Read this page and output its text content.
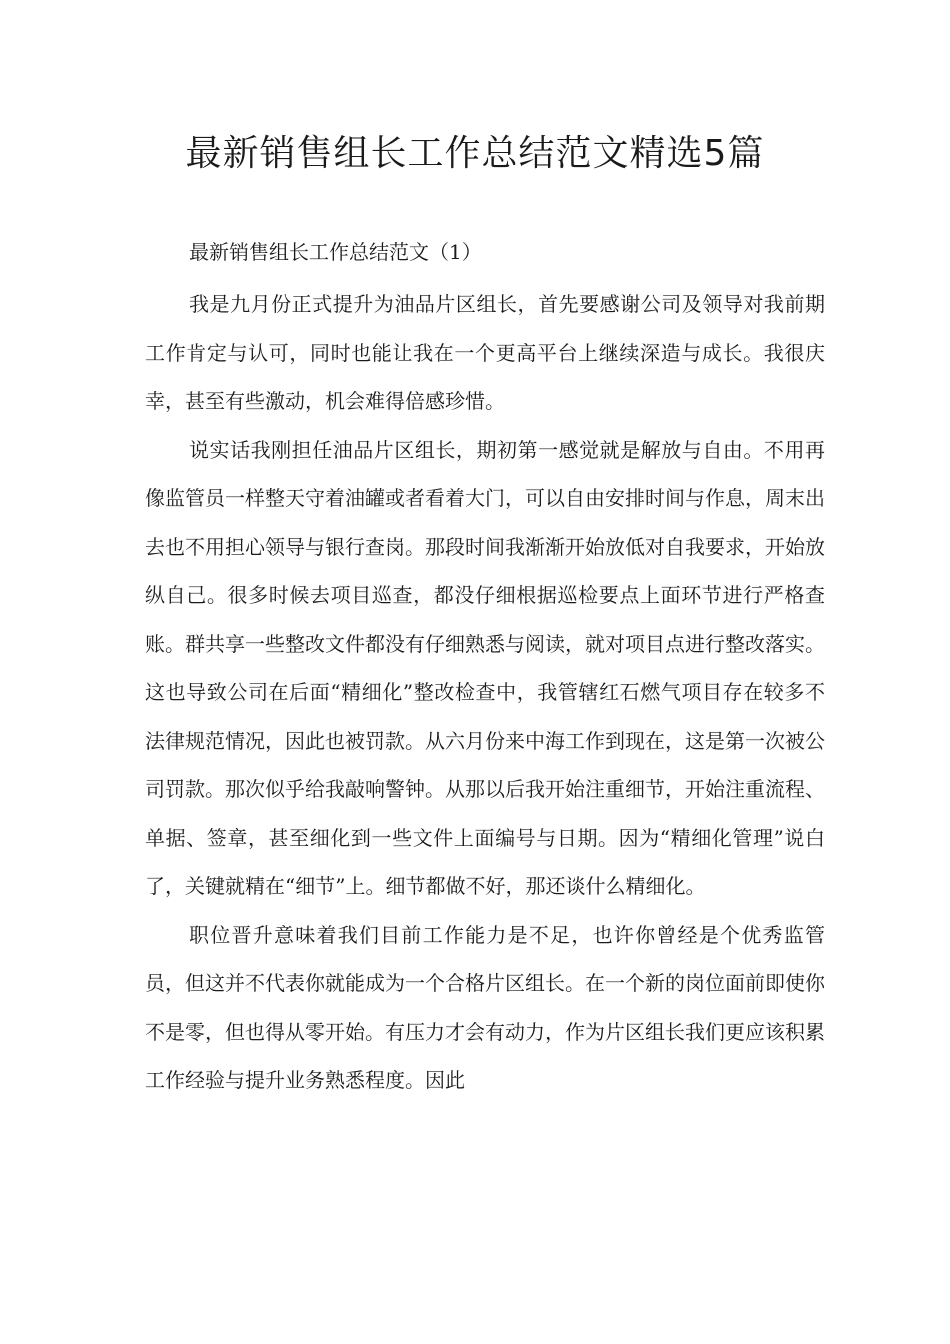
最新销售组长工作总结范文精选5篇

最新销售组长工作总结范文（1）

我是九月份正式提升为油品片区组长，首先要感谢公司及领导对我前期工作肯定与认可，同时也能让我在一个更高平台上继续深造与成长。我很庆幸，甚至有些激动，机会难得倍感珍惜。

说实话我刚担任油品片区组长，期初第一感觉就是解放与自由。不用再像监管员一样整天守着油罐或者看着大门，可以自由安排时间与作息，周末出去也不用担心领导与银行查岗。那段时间我渐渐开始放低对自我要求，开始放纵自己。很多时候去项目巡查，都没仔细根据巡检要点上面环节进行严格查账。群共享一些整改文件都没有仔细熟悉与阅读，就对项目点进行整改落实。这也导致公司在后面“精细化”整改检查中，我管辖红石燃气项目存在较多不法律规范情况，因此也被罚款。从六月份来中海工作到现在，这是第一次被公司罚款。那次似乎给我敲响警钟。从那以后我开始注重细节，开始注重流程、单据、签章，甚至细化到一些文件上面编号与日期。因为“精细化管理”说白了，关键就精在“细节”上。细节都做不好，那还谈什么精细化。

职位晋升意味着我们目前工作能力是不足，也许你曾经是个优秀监管员，但这并不代表你就能成为一个合格片区组长。在一个新的岗位面前即使你不是零，但也得从零开始。有压力才会有动力，作为片区组长我们更应该积累工作经验与提升业务熟悉程度。因此
